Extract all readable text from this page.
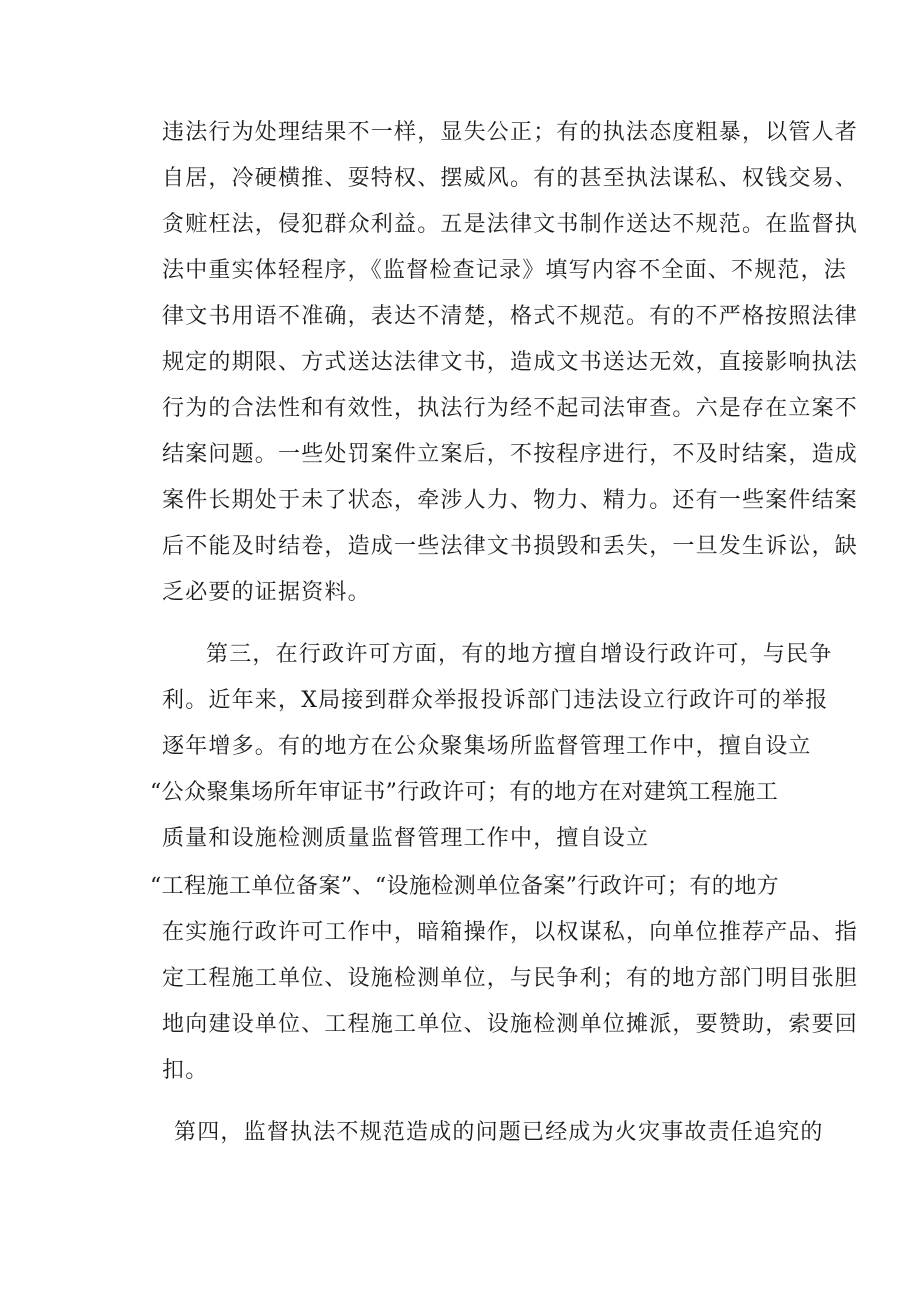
违法行为处理结果不一样，显失公正；有的执法态度粗暴，以管人者
自居，冷硬横推、耍特权、摆威风。有的甚至执法谋私、权钱交易、
贪赃枉法，侵犯群众利益。五是法律文书制作送达不规范。在监督执
法中重实体轻程序，《监督检查记录》填写内容不全面、不规范，法
律文书用语不准确，表达不清楚，格式不规范。有的不严格按照法律
规定的期限、方式送达法律文书，造成文书送达无效，直接影响执法
行为的合法性和有效性，执法行为经不起司法审查。六是存在立案不
结案问题。一些处罚案件立案后，不按程序进行，不及时结案，造成
案件长期处于未了状态，牵涉人力、物力、精力。还有一些案件结案
后不能及时结卷，造成一些法律文书损毁和丢失，一旦发生诉讼，缺
乏必要的证据资料。
第三，在行政许可方面，有的地方擅自增设行政许可，与民争
利。近年来，X局接到群众举报投诉部门违法设立行政许可的举报
逐年增多。有的地方在公众聚集场所监督管理工作中，擅自设立
“公众聚集场所年审证书”行政许可；有的地方在对建筑工程施工
质量和设施检测质量监督管理工作中，擅自设立
“工程施工单位备案”、“设施检测单位备案”行政许可；有的地方
在实施行政许可工作中，暗箱操作，以权谋私，向单位推荐产品、指
定工程施工单位、设施检测单位，与民争利；有的地方部门明目张胆
地向建设单位、工程施工单位、设施检测单位摊派，要赞助，索要回
扣。
第四，监督执法不规范造成的问题已经成为火灾事故责任追究的
